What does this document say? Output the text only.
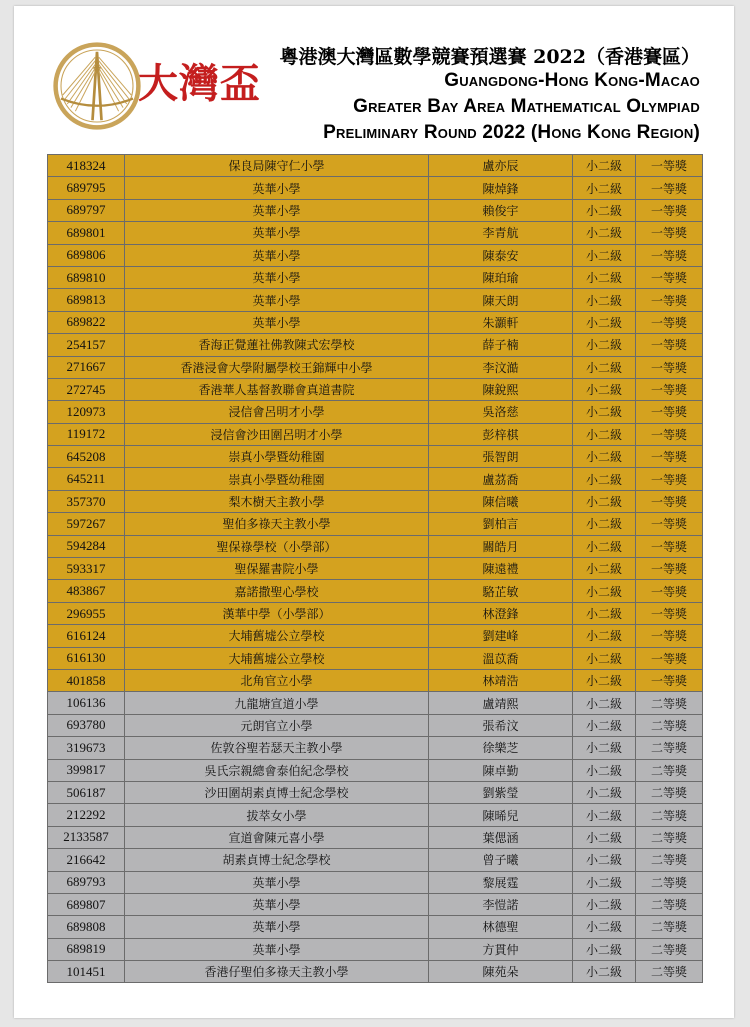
大灣盃
粵港澳大灣區數學競賽預選賽 2022（香港賽區）
Guangdong-Hong Kong-Macao
Greater Bay Area Mathematical Olympiad
Preliminary Round 2022 (Hong Kong Region)
418324	保良局陳守仁小學	盧亦辰	小二級	一等獎
689795	英華小學	陳焯鋒	小二級	一等獎
689797	英華小學	賴俊宇	小二級	一等獎
689801	英華小學	李青航	小二級	一等獎
689806	英華小學	陳泰安	小二級	一等獎
689810	英華小學	陳珀瑜	小二級	一等獎
689813	英華小學	陳天朗	小二級	一等獎
689822	英華小學	朱灝軒	小二級	一等獎
254157	香海正覺蓮社佛教陳式宏學校	薛子楠	小二級	一等獎
271667	香港浸會大學附屬學校王錦輝中小學	李汶澔	小二級	一等獎
272745	香港華人基督教聯會真道書院	陳銳熙	小二級	一等獎
120973	浸信會呂明才小學	吳洛慈	小二級	一等獎
119172	浸信會沙田圍呂明才小學	彭梓棋	小二級	一等獎
645208	崇真小學暨幼稚園	張智朗	小二級	一等獎
645211	崇真小學暨幼稚園	盧茘喬	小二級	一等獎
357370	梨木樹天主教小學	陳信曦	小二級	一等獎
597267	聖伯多祿天主教小學	劉柏言	小二級	一等獎
594284	聖保祿學校（小學部）	關皓月	小二級	一等獎
593317	聖保羅書院小學	陳遠禮	小二級	一等獎
483867	嘉諾撒聖心學校	駱芷敏	小二級	一等獎
296955	漢華中學（小學部）	林澄鋒	小二級	一等獎
616124	大埔舊墟公立學校	劉建峰	小二級	一等獎
616130	大埔舊墟公立學校	溫苡喬	小二級	一等獎
401858	北角官立小學	林靖浩	小二級	一等獎
106136	九龍塘宣道小學	盧靖熙	小二級	二等獎
693780	元朗官立小學	張希汶	小二級	二等獎
319673	佐敦谷聖若瑟天主教小學	徐樂芝	小二級	二等獎
399817	吳氏宗親總會泰伯紀念學校	陳卓勤	小二級	二等獎
506187	沙田圍胡素貞博士紀念學校	劉紫瑩	小二級	二等獎
212292	拔萃女小學	陳晞兒	小二級	二等獎
2133587	宣道會陳元喜小學	葉偲涵	小二級	二等獎
216642	胡素貞博士紀念學校	曾子曦	小二級	二等獎
689793	英華小學	黎展霆	小二級	二等獎
689807	英華小學	李愷諾	小二級	二等獎
689808	英華小學	林德聖	小二級	二等獎
689819	英華小學	方貫仲	小二級	二等獎
101451	香港仔聖伯多祿天主教小學	陳苑朵	小二級	二等獎
